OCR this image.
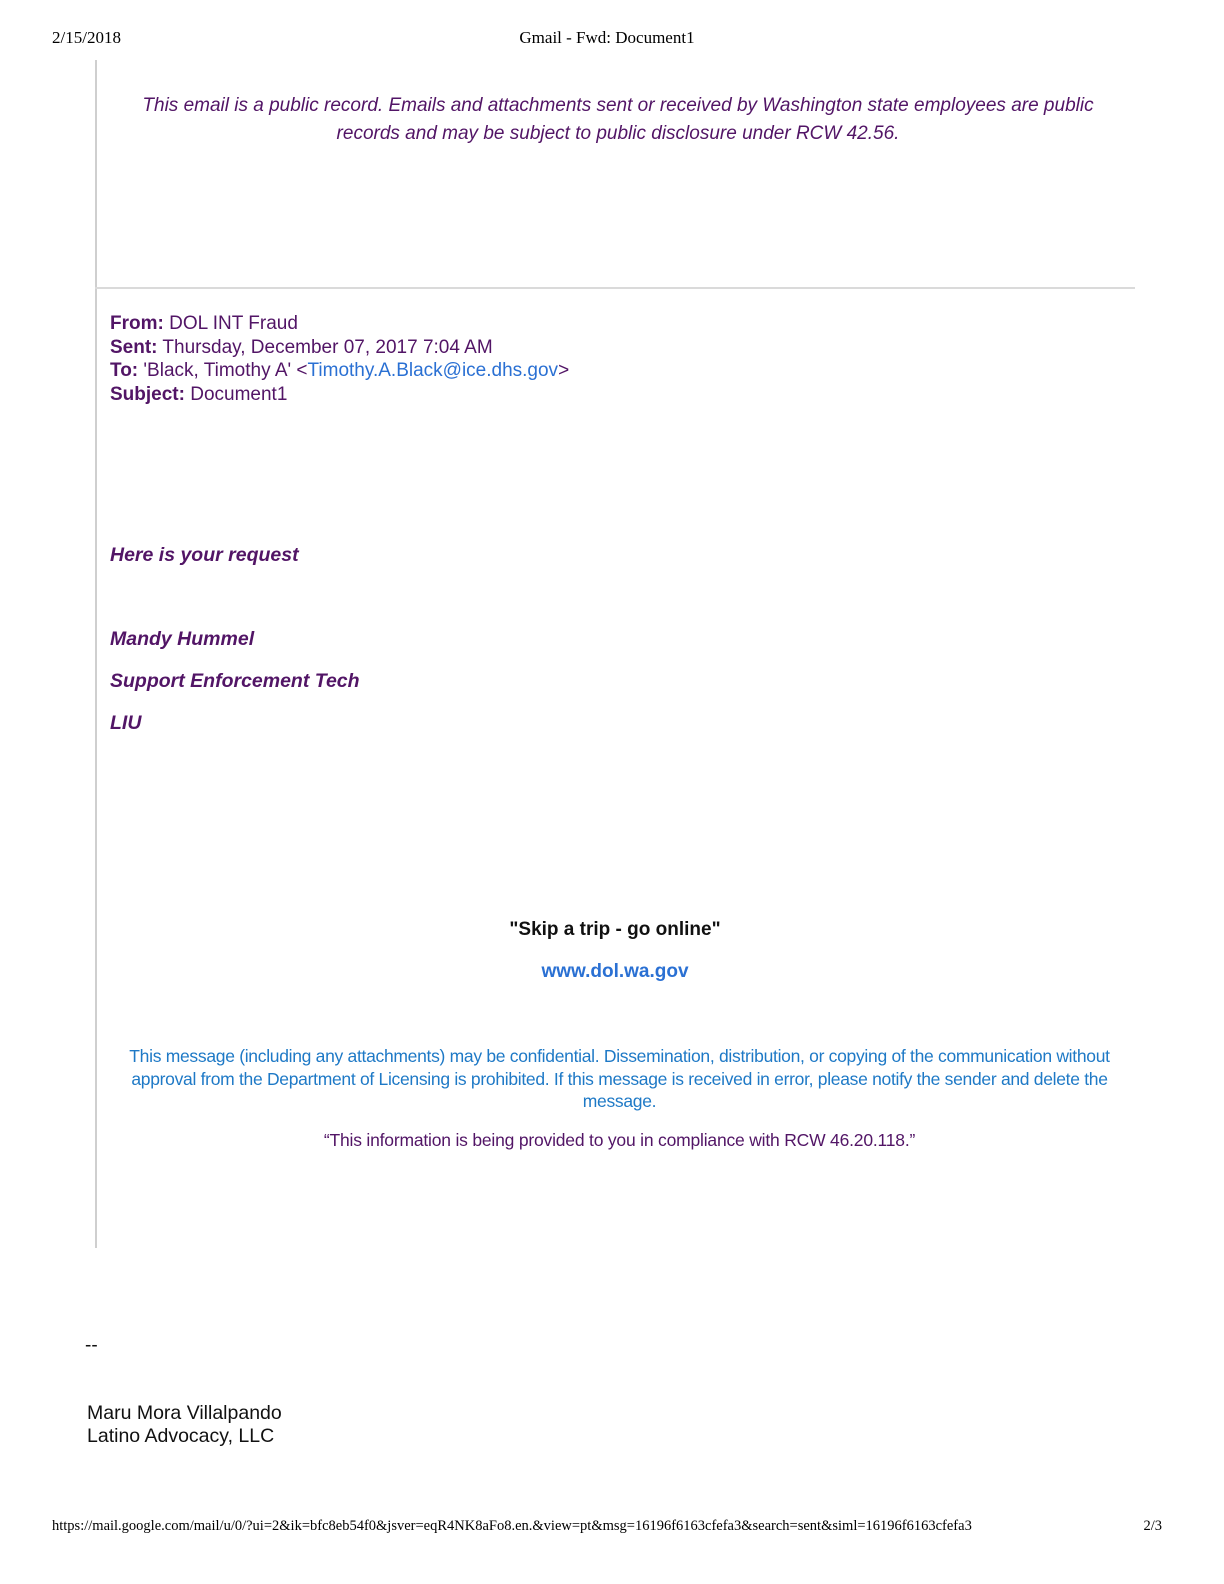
2/15/2018	Gmail - Fwd: Document1
This email is a public record. Emails and attachments sent or received by Washington state employees are public records and may be subject to public disclosure under RCW 42.56.
From: DOL INT Fraud
Sent: Thursday, December 07, 2017 7:04 AM
To: 'Black, Timothy A' <Timothy.A.Black@ice.dhs.gov>
Subject: Document1
Here is your request
Mandy Hummel
Support Enforcement Tech
LIU
"Skip a trip - go online"
www.dol.wa.gov
This message (including any attachments) may be confidential. Dissemination, distribution, or copying of the communication without approval from the Department of Licensing is prohibited. If this message is received in error, please notify the sender and delete the message.
“This information is being provided to you in compliance with RCW 46.20.118.”
--
Maru Mora Villalpando
Latino Advocacy, LLC
https://mail.google.com/mail/u/0/?ui=2&ik=bfc8eb54f0&jsver=eqR4NK8aFo8.en.&view=pt&msg=16196f6163cfefa3&search=sent&siml=16196f6163cfefa3	2/3
